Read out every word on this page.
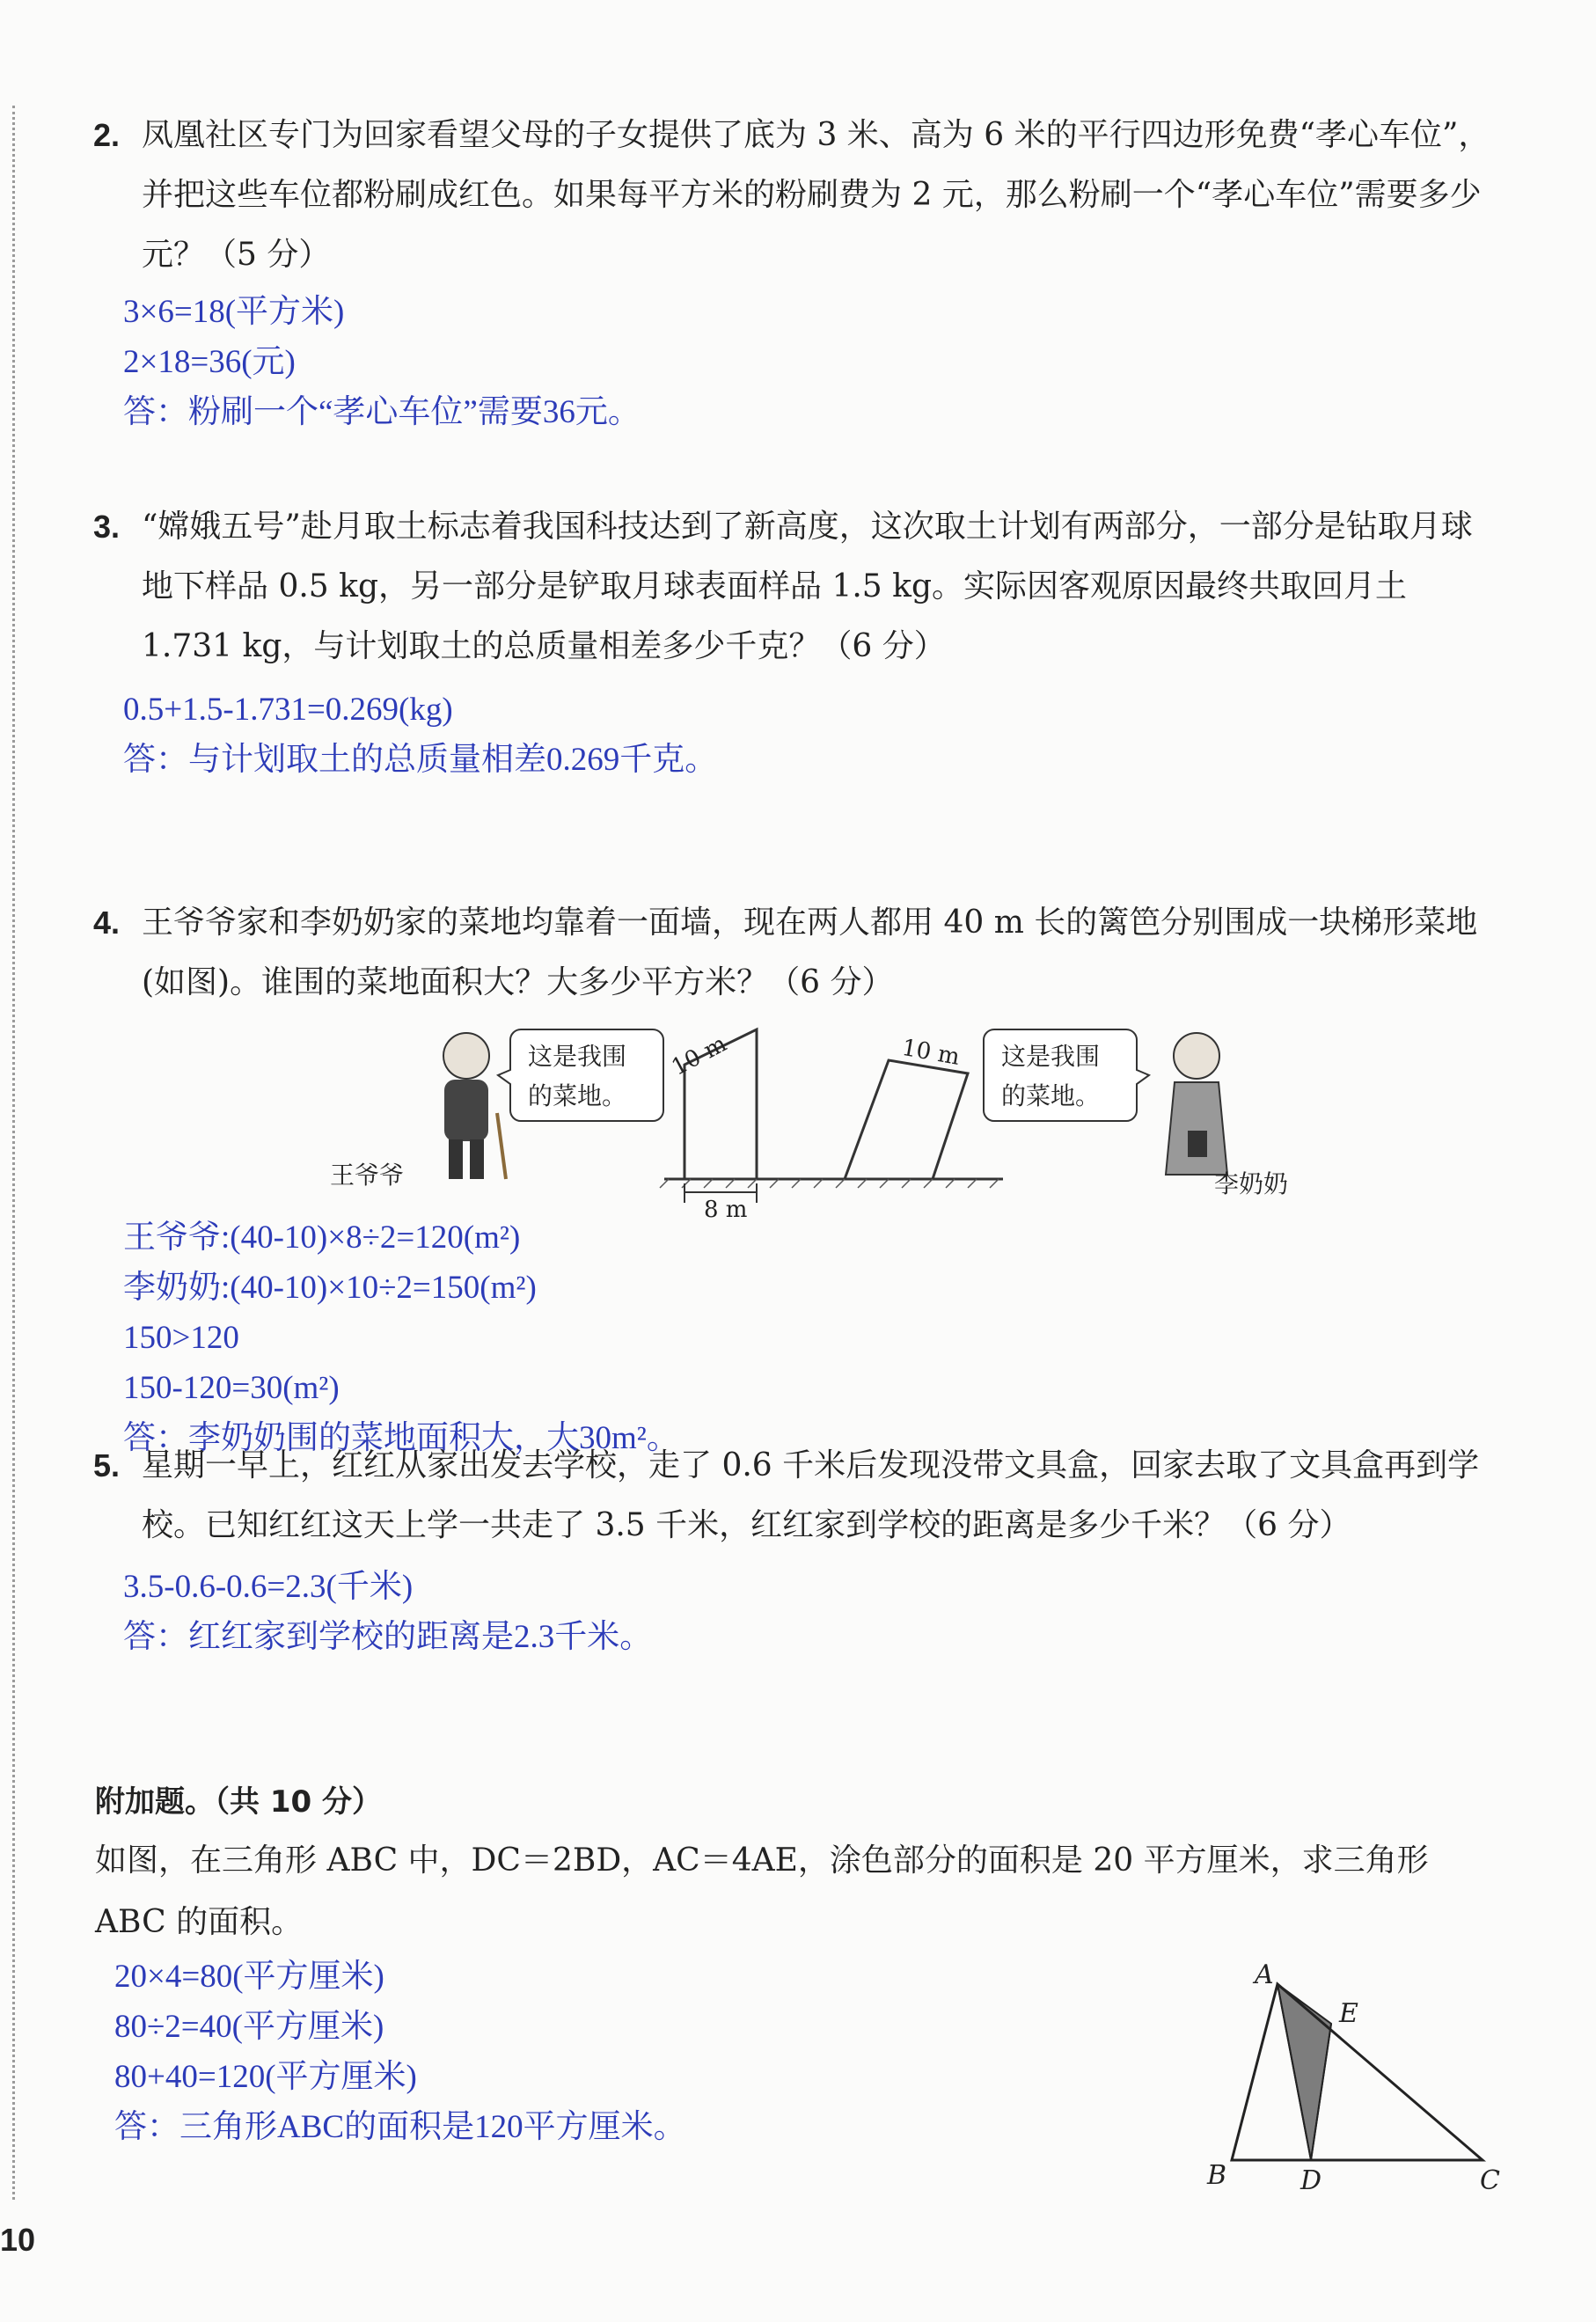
2. 凤凰社区专门为回家看望父母的子女提供了底为 3 米、高为 6 米的平行四边形免费“孝心车位”，并把这些车位都粉刷成红色。如果每平方米的粉刷费为 2 元，那么粉刷一个“孝心车位”需要多少元？（5 分）
3×6=18(平方米)
2×18=36(元)
答：粉刷一个“孝心车位”需要36元。
3. “嫦娥五号”赴月取土标志着我国科技达到了新高度，这次取土计划有两部分，一部分是钻取月球地下样品 0.5 kg，另一部分是铲取月球表面样品 1.5 kg。实际因客观原因最终共取回月土 1.731 kg，与计划取土的总质量相差多少千克？（6 分）
0.5+1.5-1.731=0.269(kg)
答：与计划取土的总质量相差0.269千克。
4. 王爷爷家和李奶奶家的菜地均靠着一面墙，现在两人都用 40 m 长的篱笆分别围成一块梯形菜地(如图)。谁围的菜地面积大？大多少平方米？（6 分）
8 m
10 m	10 m
王爷爷
这是我围
的菜地。
这是我围
的菜地。
李奶奶
王爷爷:(40-10)×8÷2=120(m²)
李奶奶:(40-10)×10÷2=150(m²)
150>120
150-120=30(m²)
答：李奶奶围的菜地面积大，大30m²。
5. 星期一早上，红红从家出发去学校，走了 0.6 千米后发现没带文具盒，回家去取了文具盒再到学校。已知红红这天上学一共走了 3.5 千米，红红家到学校的距离是多少千米？（6 分）
3.5-0.6-0.6=2.3(千米)
答：红红家到学校的距离是2.3千米。
附加题。（共 10 分）
如图，在三角形 ABC 中，DC＝2BD，AC＝4AE，涂色部分的面积是 20 平方厘米，求三角形 ABC 的面积。
20×4=80(平方厘米)
80÷2=40(平方厘米)
80+40=120(平方厘米)
答：三角形ABC的面积是120平方厘米。
A
E
B	D	C
10
